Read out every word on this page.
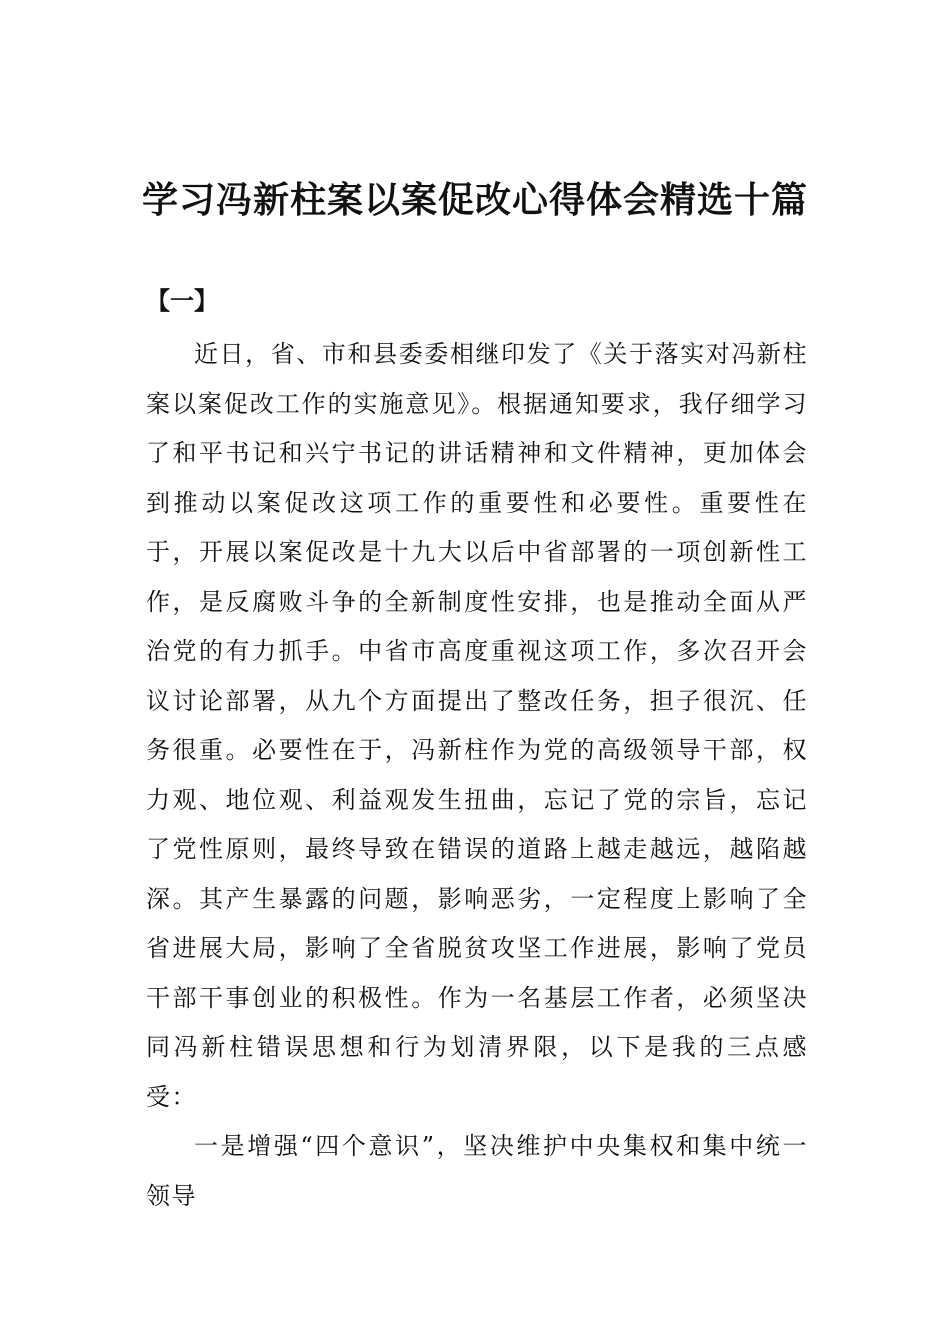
学习冯新柱案以案促改心得体会精选十篇
【一】

近日，省、市和县委委相继印发了《关于落实对冯新柱案以案促改工作的实施意见》。根据通知要求，我仔细学习了和平书记和兴宁书记的讲话精神和文件精神，更加体会到推动以案促改这项工作的重要性和必要性。重要性在于，开展以案促改是十九大以后中省部署的一项创新性工作，是反腐败斗争的全新制度性安排，也是推动全面从严治党的有力抓手。中省市高度重视这项工作，多次召开会议讨论部署，从九个方面提出了整改任务，担子很沉、任务很重。必要性在于，冯新柱作为党的高级领导干部，权力观、地位观、利益观发生扭曲，忘记了党的宗旨，忘记了党性原则，最终导致在错误的道路上越走越远，越陷越深。其产生暴露的问题，影响恶劣，一定程度上影响了全省进展大局，影响了全省脱贫攻坚工作进展，影响了党员干部干事创业的积极性。作为一名基层工作者，必须坚决同冯新柱错误思想和行为划清界限，以下是我的三点感受：

一是增强“四个意识”，坚决维护中央集权和集中统一领导
